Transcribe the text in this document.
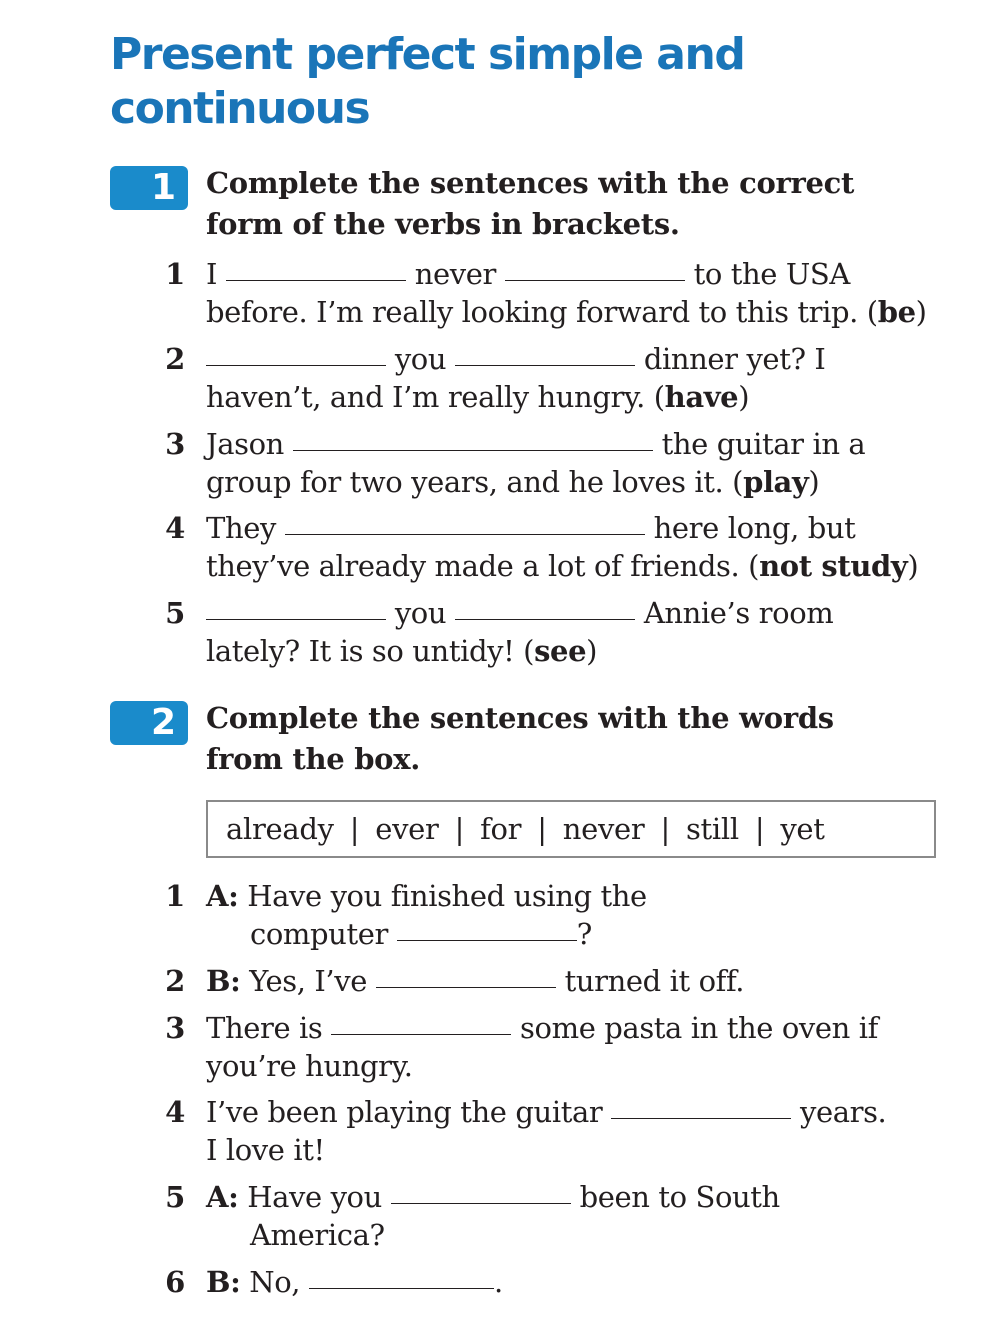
Present perfect simple and
continuous
1	Complete the sentences with the correct
form of the verbs in brackets.
1 I	never	to the USA
before. I’m really looking forward to this trip. (be)
2	you	dinner yet? I
haven’t, and I’m really hungry. (have)
3 Jason	the guitar in a
group for two years, and he loves it. (play)
4 They	here long, but
they’ve already made a lot of friends. (not study)
5	you	Annie’s room
lately? It is so untidy! (see)
2	Complete the sentences with the words
from the box.
already | ever | for | never | still | yet
1 A: Have you finished using the
computer	?
2 B: Yes, I’ve	turned it off.
3 There is	some pasta in the oven if
you’re hungry.
4 I’ve been playing the guitar	years.
I love it!
5 A: Have you	been to South
America?
6 B: No,	.
